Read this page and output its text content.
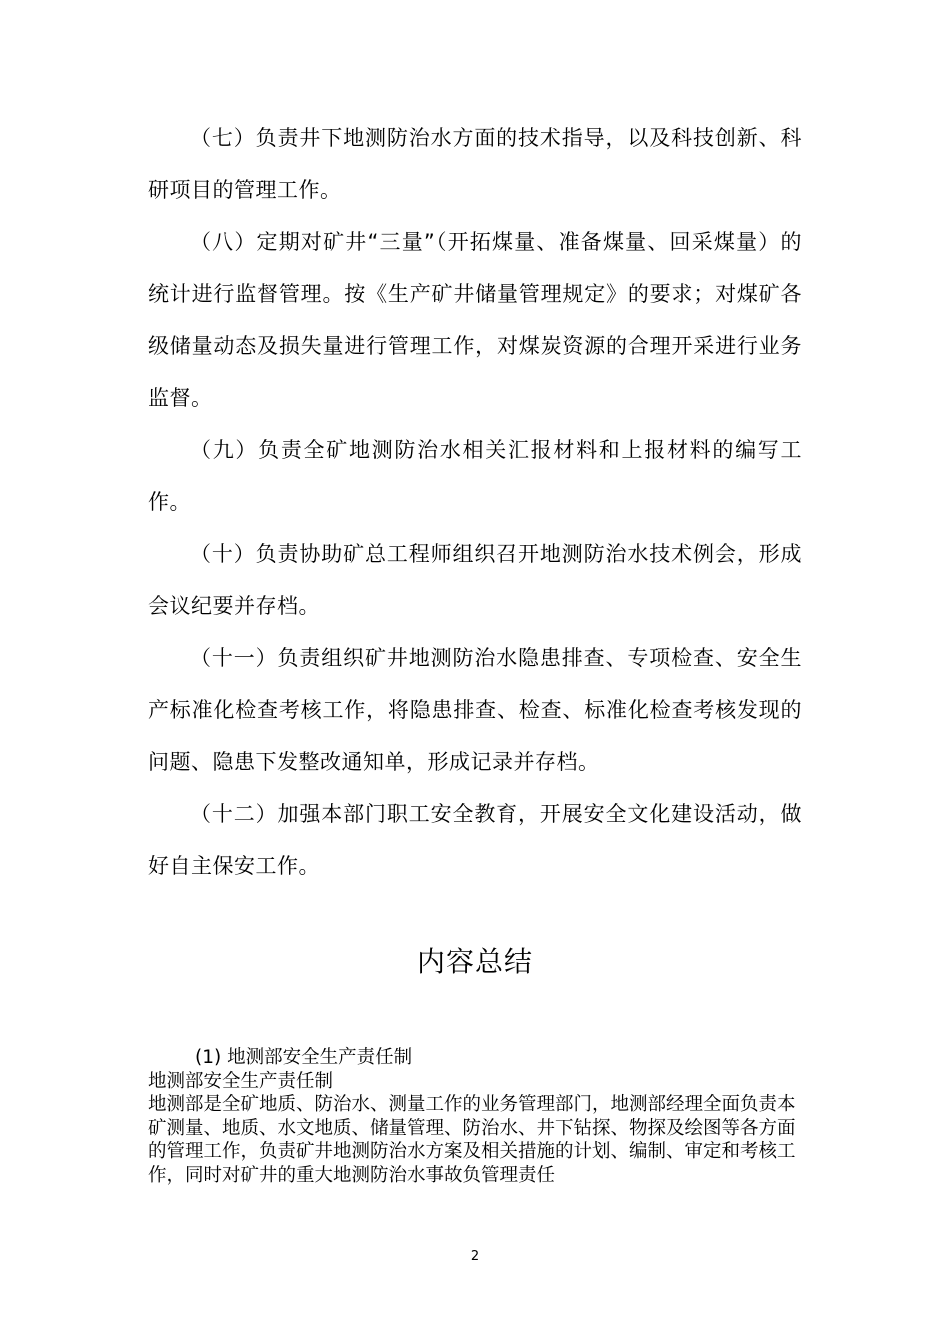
（七）负责井下地测防治水方面的技术指导，以及科技创新、科研项目的管理工作。

（八）定期对矿井“三量”（开拓煤量、准备煤量、回采煤量）的统计进行监督管理。按《生产矿井储量管理规定》的要求；对煤矿各级储量动态及损失量进行管理工作，对煤炭资源的合理开采进行业务监督。

（九）负责全矿地测防治水相关汇报材料和上报材料的编写工作。

（十）负责协助矿总工程师组织召开地测防治水技术例会，形成会议纪要并存档。

（十一）负责组织矿井地测防治水隐患排查、专项检查、安全生产标准化检查考核工作，将隐患排查、检查、标准化检查考核发现的问题、隐患下发整改通知单，形成记录并存档。

（十二）加强本部门职工安全教育，开展安全文化建设活动，做好自主保安工作。

内容总结

(1) 地测部安全生产责任制

地测部安全生产责任制

地测部是全矿地质、防治水、测量工作的业务管理部门，地测部经理全面负责本矿测量、地质、水文地质、储量管理、防治水、井下钻探、物探及绘图等各方面的管理工作，负责矿井地测防治水方案及相关措施的计划、编制、审定和考核工作，同时对矿井的重大地测防治水事故负管理责任

2
